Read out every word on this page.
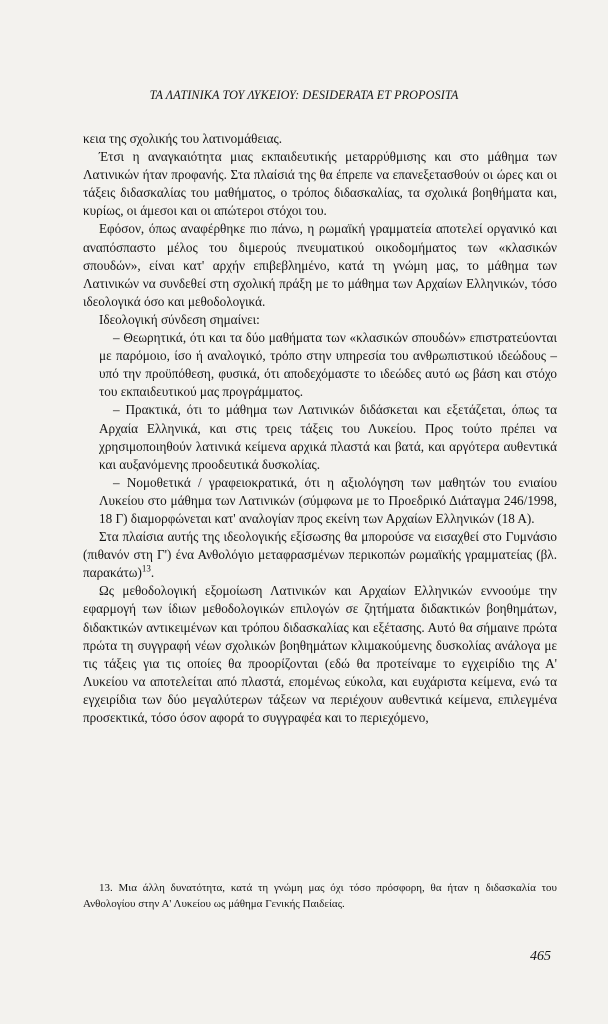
ΤΑ ΛΑΤΙΝΙΚΑ ΤΟΥ ΛΥΚΕΙΟΥ: DESIDERATA ET PROPOSITA

κεια της σχολικής του λατινομάθειας.

Έτσι η αναγκαιότητα μιας εκπαιδευτικής μεταρρύθμισης και στο μάθημα των Λατινικών ήταν προφανής. Στα πλαίσιά της θα έπρεπε να επανεξετασθούν οι ώρες και οι τάξεις διδασκαλίας του μαθήματος, ο τρόπος διδασκαλίας, τα σχολικά βοηθήματα και, κυρίως, οι άμεσοι και οι απώτεροι στόχοι του.

Εφόσον, όπως αναφέρθηκε πιο πάνω, η ρωμαϊκή γραμματεία αποτελεί οργανικό και αναπόσπαστο μέλος του διμερούς πνευματικού οικοδομήματος των «κλασικών σπουδών», είναι κατ' αρχήν επιβεβλημένο, κατά τη γνώμη μας, το μάθημα των Λατινικών να συνδεθεί στη σχολική πράξη με το μάθημα των Αρχαίων Ελληνικών, τόσο ιδεολογικά όσο και μεθοδολογικά.

Ιδεολογική σύνδεση σημαίνει:

– Θεωρητικά, ότι και τα δύο μαθήματα των «κλασικών σπουδών» επιστρατεύονται με παρόμοιο, ίσο ή αναλογικό, τρόπο στην υπηρεσία του ανθρωπιστικού ιδεώδους – υπό την προϋπόθεση, φυσικά, ότι αποδεχόμαστε το ιδεώδες αυτό ως βάση και στόχο του εκπαιδευτικού μας προγράμματος.

– Πρακτικά, ότι το μάθημα των Λατινικών διδάσκεται και εξετάζεται, όπως τα Αρχαία Ελληνικά, και στις τρεις τάξεις του Λυκείου. Προς τούτο πρέπει να χρησιμοποιηθούν λατινικά κείμενα αρχικά πλαστά και βατά, και αργότερα αυθεντικά και αυξανόμενης προοδευτικά δυσκολίας.

– Νομοθετικά / γραφειοκρατικά, ότι η αξιολόγηση των μαθητών του ενιαίου Λυκείου στο μάθημα των Λατινικών (σύμφωνα με το Προεδρικό Διάταγμα 246/1998, 18 Γ) διαμορφώνεται κατ' αναλογίαν προς εκείνη των Αρχαίων Ελληνικών (18 Α).

Στα πλαίσια αυτής της ιδεολογικής εξίσωσης θα μπορούσε να εισαχθεί στο Γυμνάσιο (πιθανόν στη Γ') ένα Ανθολόγιο μεταφρασμένων περικοπών ρωμαϊκής γραμματείας (βλ. παρακάτω)$^{13}$.

Ως μεθοδολογική εξομοίωση Λατινικών και Αρχαίων Ελληνικών εννοούμε την εφαρμογή των ίδιων μεθοδολογικών επιλογών σε ζητήματα διδακτικών βοηθημάτων, διδακτικών αντικειμένων και τρόπου διδασκαλίας και εξέτασης. Αυτό θα σήμαινε πρώτα πρώτα τη συγγραφή νέων σχολικών βοηθημάτων κλιμακούμενης δυσκολίας ανάλογα με τις τάξεις για τις οποίες θα προορίζονται (εδώ θα προτείναμε το εγχειρίδιο της Α' Λυκείου να αποτελείται από πλαστά, επομένως εύκολα, και ευχάριστα κείμενα, ενώ τα εγχειρίδια των δύο μεγαλύτερων τάξεων να περιέχουν αυθεντικά κείμενα, επιλεγμένα προσεκτικά, τόσο όσον αφορά το συγγραφέα και το περιεχόμενο,

13. Μια άλλη δυνατότητα, κατά τη γνώμη μας όχι τόσο πρόσφορη, θα ήταν η διδασκαλία του Ανθολογίου στην Α' Λυκείου ως μάθημα Γενικής Παιδείας.

465
